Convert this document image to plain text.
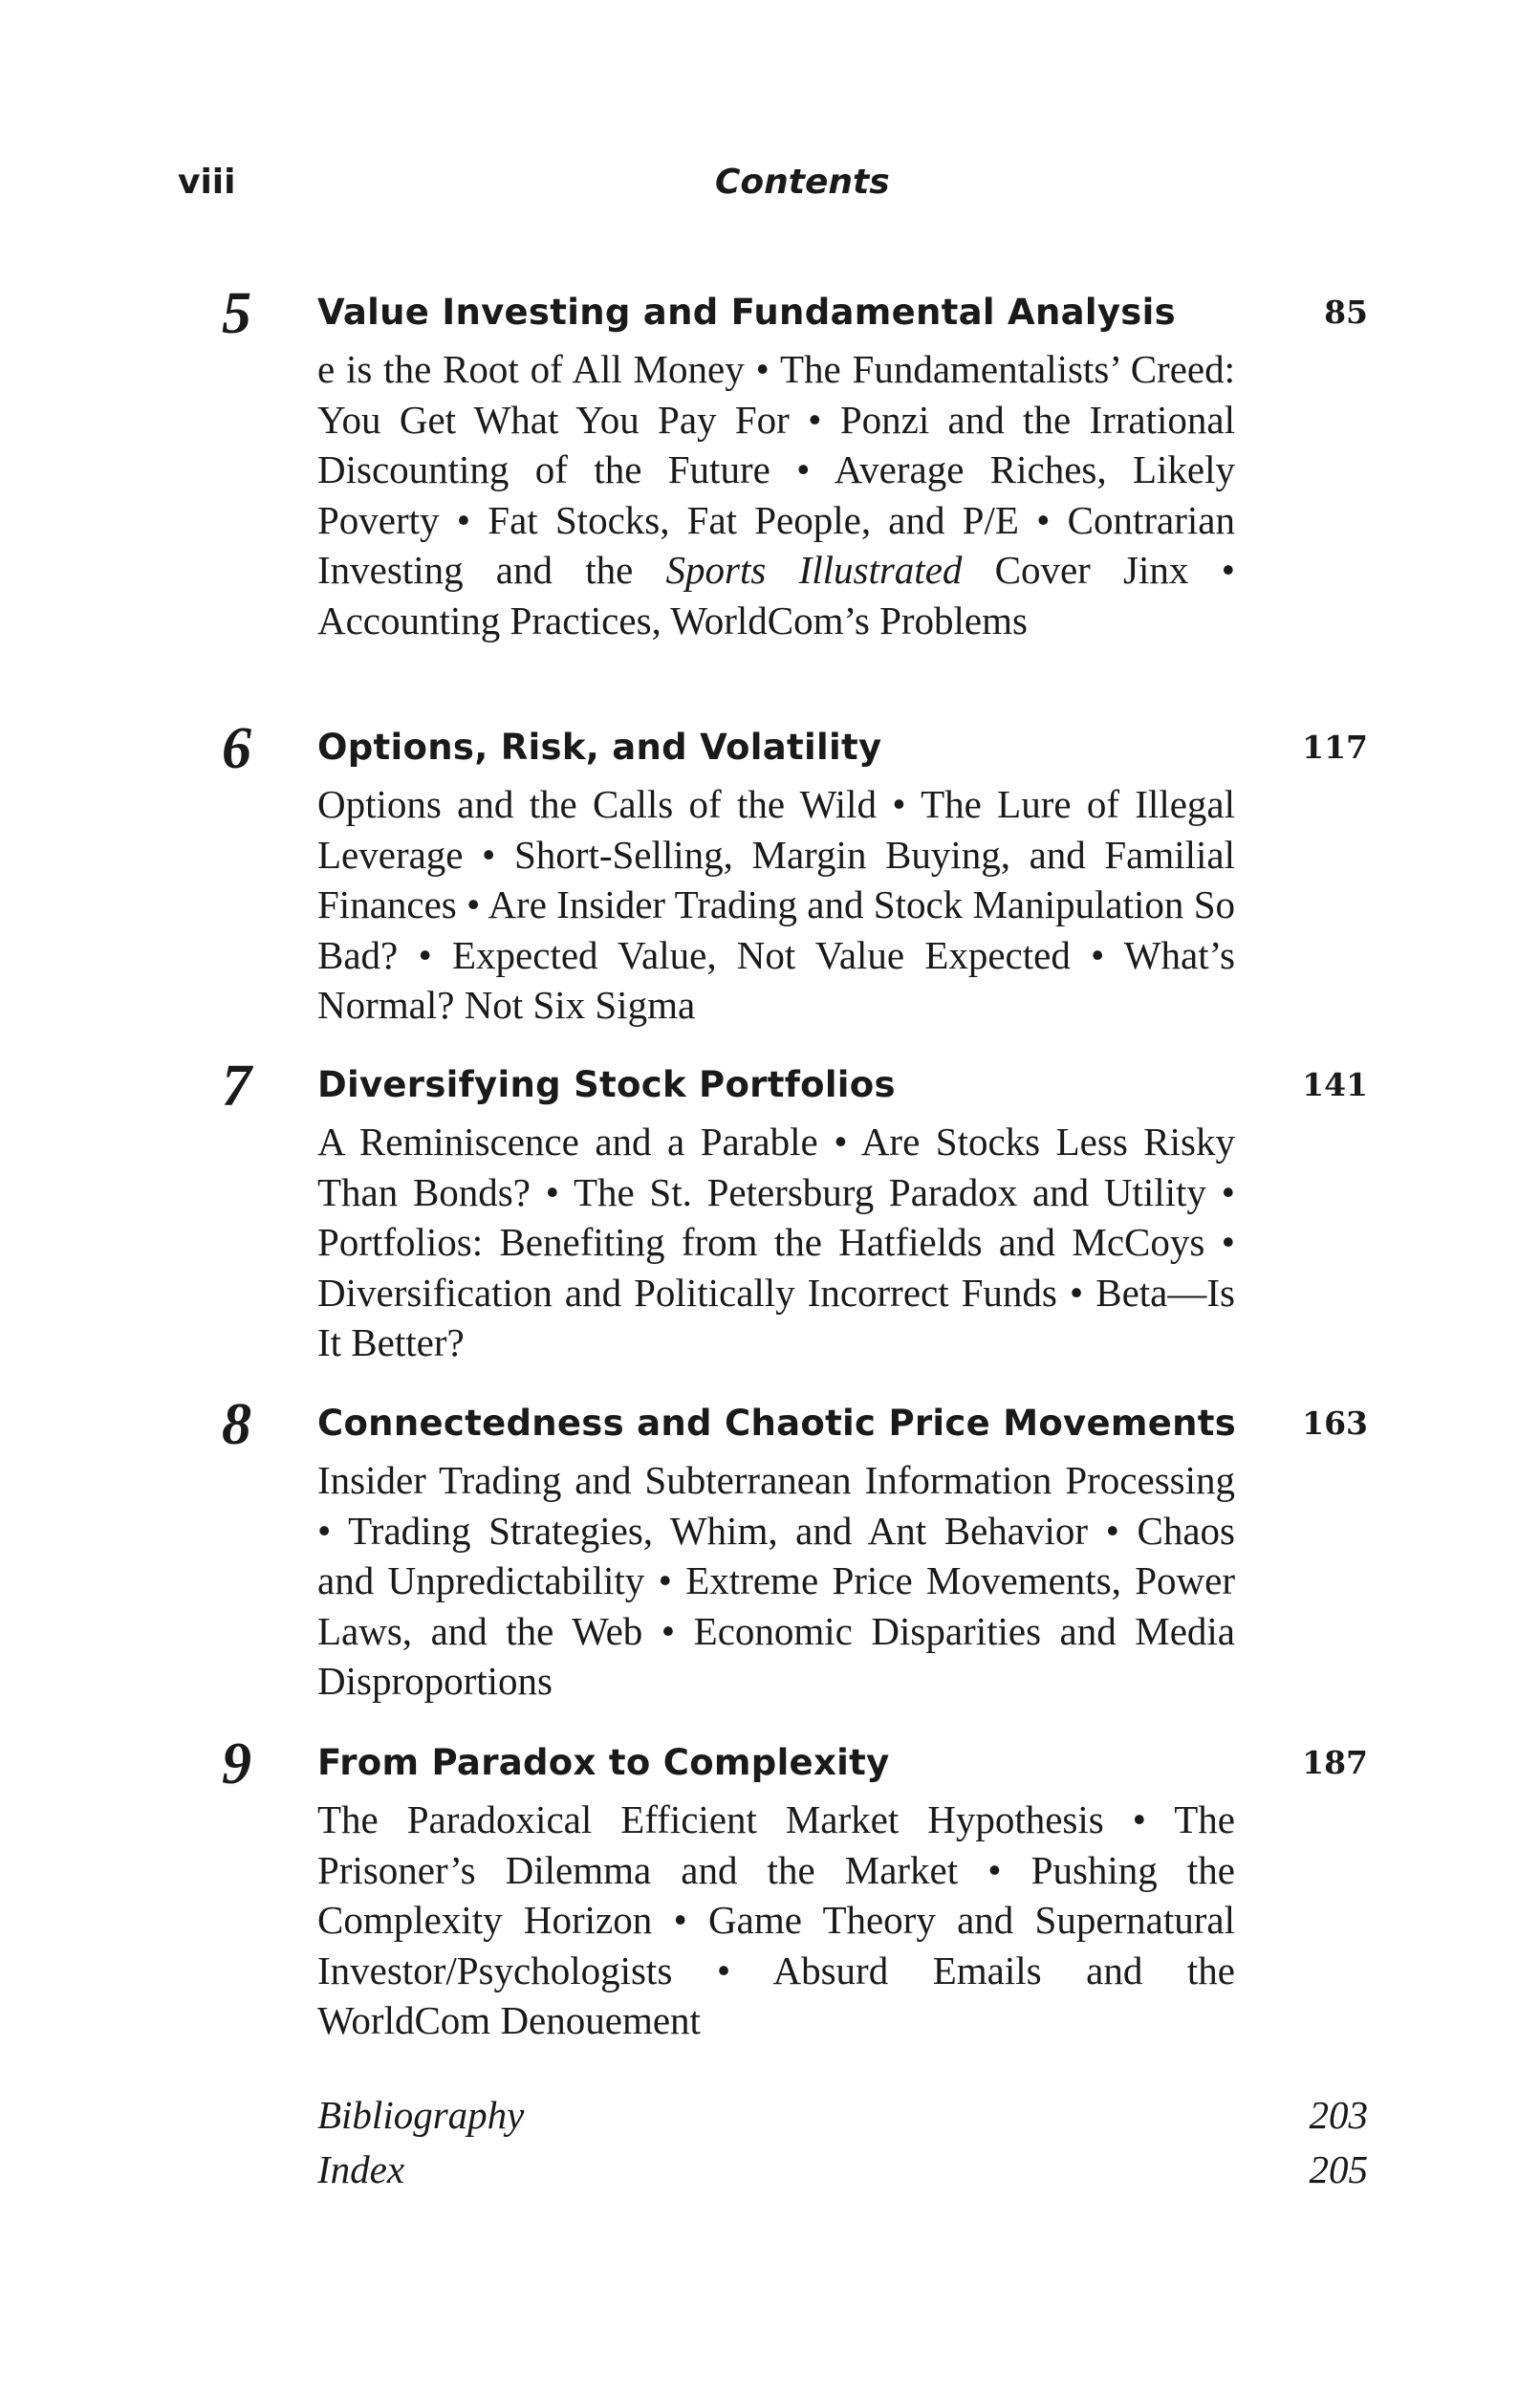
viii	Contents
5 Value Investing and Fundamental Analysis	85
e is the Root of All Money • The Fundamentalists’ Creed: You Get What You Pay For • Ponzi and the Irrational Discounting of the Future • Average Riches, Likely Poverty • Fat Stocks, Fat People, and P/E • Contrarian Investing and the Sports Illustrated Cover Jinx • Accounting Practices, WorldCom’s Problems
6 Options, Risk, and Volatility	117
Options and the Calls of the Wild • The Lure of Illegal Leverage • Short-Selling, Margin Buying, and Familial Finances • Are Insider Trading and Stock Manipulation So Bad? • Expected Value, Not Value Expected • What’s Normal? Not Six Sigma
7 Diversifying Stock Portfolios	141
A Reminiscence and a Parable • Are Stocks Less Risky Than Bonds? • The St. Petersburg Paradox and Utility • Portfolios: Benefiting from the Hatfields and McCoys • Diversification and Politically Incorrect Funds • Beta—Is It Better?
8 Connectedness and Chaotic Price Movements 163
Insider Trading and Subterranean Information Processing • Trading Strategies, Whim, and Ant Behavior • Chaos and Unpredictability • Extreme Price Movements, Power Laws, and the Web • Economic Disparities and Media Disproportions
9 From Paradox to Complexity	187
The Paradoxical Efficient Market Hypothesis • The Prisoner’s Dilemma and the Market • Pushing the Complexity Horizon • Game Theory and Supernatural Investor/Psychologists • Absurd Emails and the WorldCom Denouement
Bibliography	203
Index	205
